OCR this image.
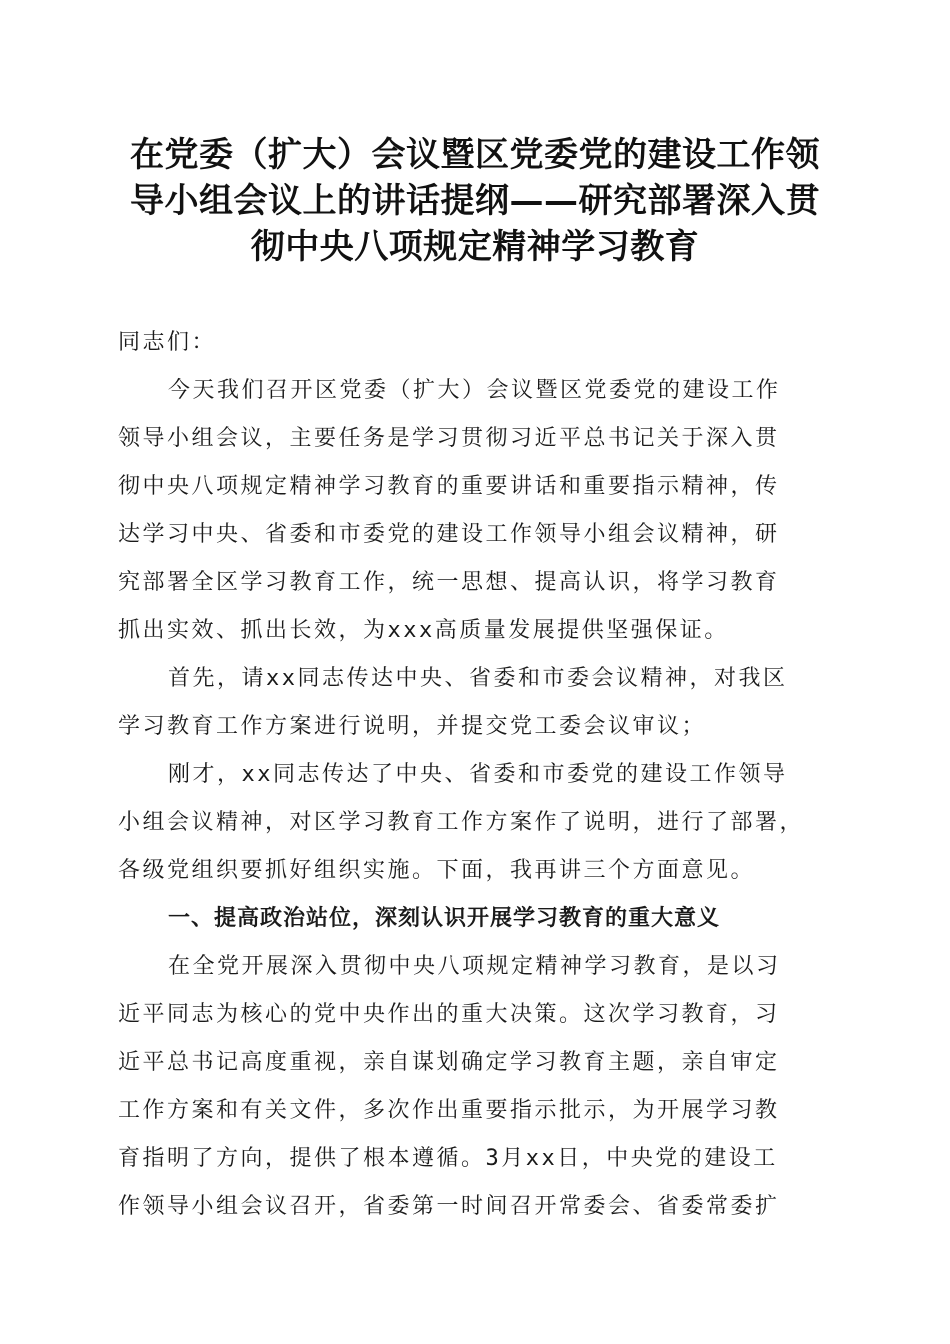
在党委（扩大）会议暨区党委党的建设工作领
导小组会议上的讲话提纲——研究部署深入贯
彻中央八项规定精神学习教育
同志们：
今天我们召开区党委（扩大）会议暨区党委党的建设工作
领导小组会议，主要任务是学习贯彻习近平总书记关于深入贯
彻中央八项规定精神学习教育的重要讲话和重要指示精神，传
达学习中央、省委和市委党的建设工作领导小组会议精神，研
究部署全区学习教育工作，统一思想、提高认识，将学习教育
抓出实效、抓出长效，为xxx高质量发展提供坚强保证。
首先，请xx同志传达中央、省委和市委会议精神，对我区
学习教育工作方案进行说明，并提交党工委会议审议；
刚才，xx同志传达了中央、省委和市委党的建设工作领导
小组会议精神，对区学习教育工作方案作了说明，进行了部署，
各级党组织要抓好组织实施。下面，我再讲三个方面意见。
一、提高政治站位，深刻认识开展学习教育的重大意义
在全党开展深入贯彻中央八项规定精神学习教育，是以习
近平同志为核心的党中央作出的重大决策。这次学习教育，习
近平总书记高度重视，亲自谋划确定学习教育主题，亲自审定
工作方案和有关文件，多次作出重要指示批示，为开展学习教
育指明了方向，提供了根本遵循。3月xx日，中央党的建设工
作领导小组会议召开，省委第一时间召开常委会、省委常委扩
